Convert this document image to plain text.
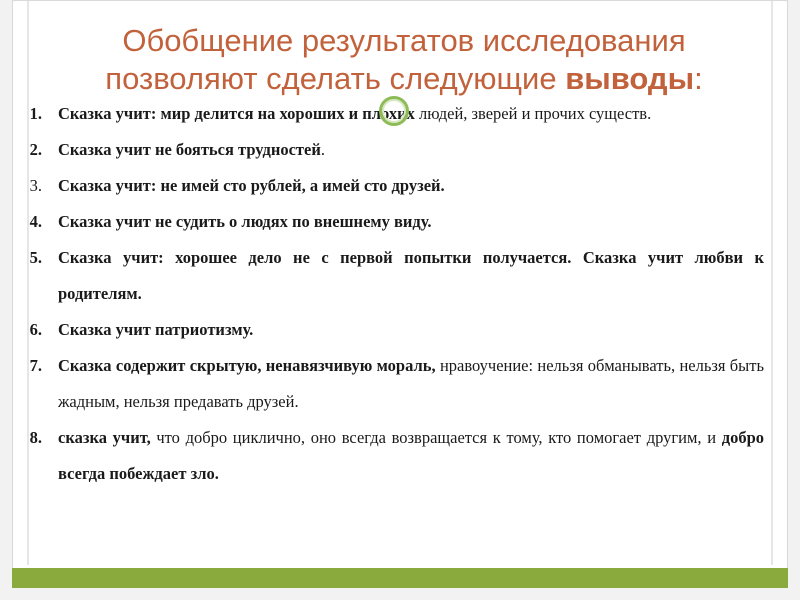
Обобщение результатов исследования
позволяют сделать следующие выводы:
1. Сказка учит: мир делится на хороших и плохих людей, зверей и прочих существ.
2. Сказка учит не бояться трудностей.
3. Сказка учит: не имей сто рублей, а имей сто друзей.
4. Сказка учит не судить о людях по внешнему виду.
5. Сказка учит: хорошее дело не с первой попытки получается. Сказка учит любви к родителям.
6. Сказка учит патриотизму.
7. Сказка содержит скрытую, ненавязчивую мораль, нравоучение: нельзя обманывать, нельзя быть жадным, нельзя предавать друзей.
8. сказка учит, что добро циклично, оно всегда возвращается к тому, кто помогает другим, и добро всегда побеждает зло.
